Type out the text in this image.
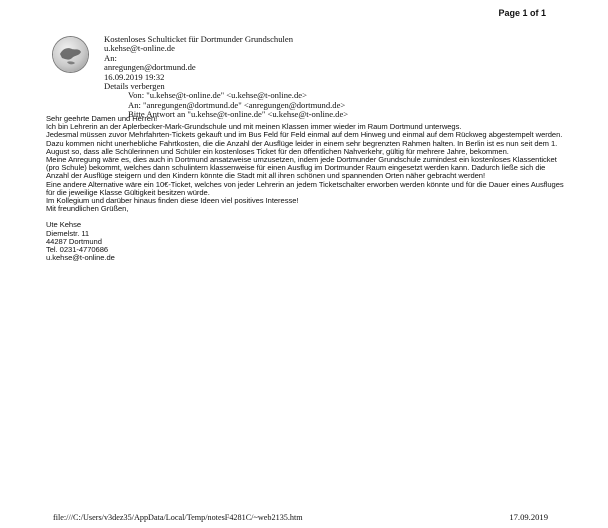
Page 1 of 1
Kostenloses Schulticket für Dortmunder Grundschulen
u.kehse@t-online.de
An:
anregungen@dortmund.de
16.09.2019 19:32
Details verbergen
Von: "u.kehse@t-online.de" <u.kehse@t-online.de>
An: "anregungen@dortmund.de" <anregungen@dortmund.de>
Bitte Antwort an "u.kehse@t-online.de" <u.kehse@t-online.de>

Sehr geehrte Damen und Herren!

Ich bin Lehrerin an der Aplerbecker-Mark-Grundschule und mit meinen Klassen immer wieder im Raum Dortmund unterwegs.

Jedesmal müssen zuvor Mehrfahrten-Tickets gekauft und im Bus Feld für Feld einmal auf dem Hinweg und einmal auf dem Rückweg abgestempelt werden. Dazu kommen nicht unerhebliche Fahrtkosten, die die Anzahl der Ausflüge leider in einem sehr begrenzten Rahmen halten. In Berlin ist es nun seit dem 1. August so, dass alle Schülerinnen und Schüler ein kostenloses Ticket für den öffentlichen Nahverkehr, gültig für mehrere Jahre, bekommen.

Meine Anregung wäre es, dies auch in Dortmund ansatzweise umzusetzen, indem jede Dortmunder Grundschule zumindest ein kostenloses Klassenticket (pro Schule) bekommt, welches dann schulintern klassenweise für einen Ausflug im Dortmunder Raum eingesetzt werden kann. Dadurch ließe sich die Anzahl der Ausflüge steigern und den Kindern könnte die Stadt mit all ihren schönen und spannenden Orten näher gebracht werden!

Eine andere Alternative wäre ein 10€-Ticket, welches von jeder Lehrerin an jedem Ticketschalter erworben werden könnte und für die Dauer eines Ausfluges für die jeweilige Klasse Gültigkeit besitzen würde.

Im Kollegium und darüber hinaus finden diese Ideen viel positives Interesse!

Mit freundlichen Grüßen,

Ute Kehse
Diemelstr. 11
44287 Dortmund
Tel. 0231-4770686
u.kehse@t-online.de
file:///C:/Users/v3dez35/AppData/Local/Temp/notesF4281C/~web2135.htm	17.09.2019
